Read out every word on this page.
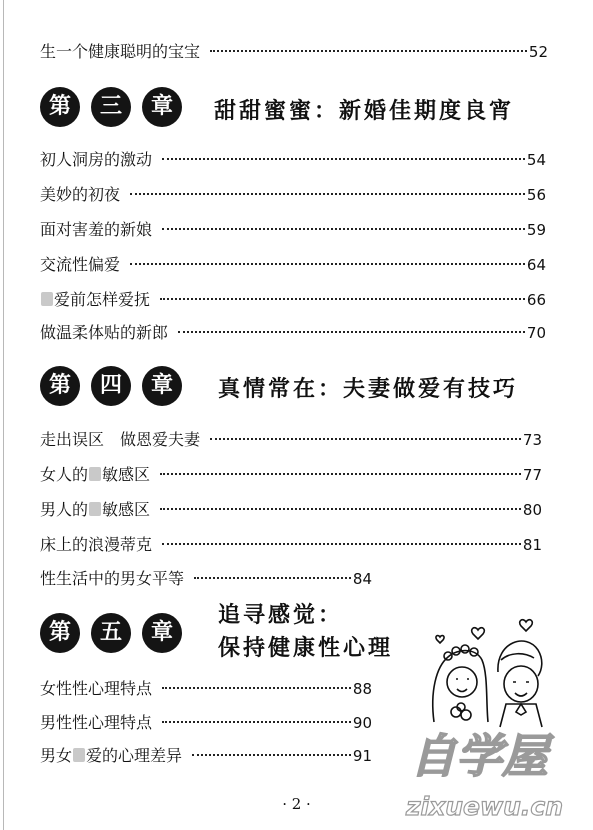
生一个健康聪明的宝宝	52
第	三	章	甜甜蜜蜜：新婚佳期度良宵
初人洞房的激动	54
美妙的初夜	56
面对害羞的新娘	59
交流性偏爱	64
爱前怎样爱抚	66
做温柔体贴的新郎	70
第	四	章	真情常在：夫妻做爱有技巧
走出误区　做恩爱夫妻	73
女人的 敏感区	77
男人的 敏感区	80
床上的浪漫蒂克	81
性生活中的男女平等	84
第	五	章
追寻感觉：
保持健康性心理
女性性心理特点	88
男性性心理特点	90
男女 爱的心理差异	91 自学屋
zixuewu.cn
· 2 ·
